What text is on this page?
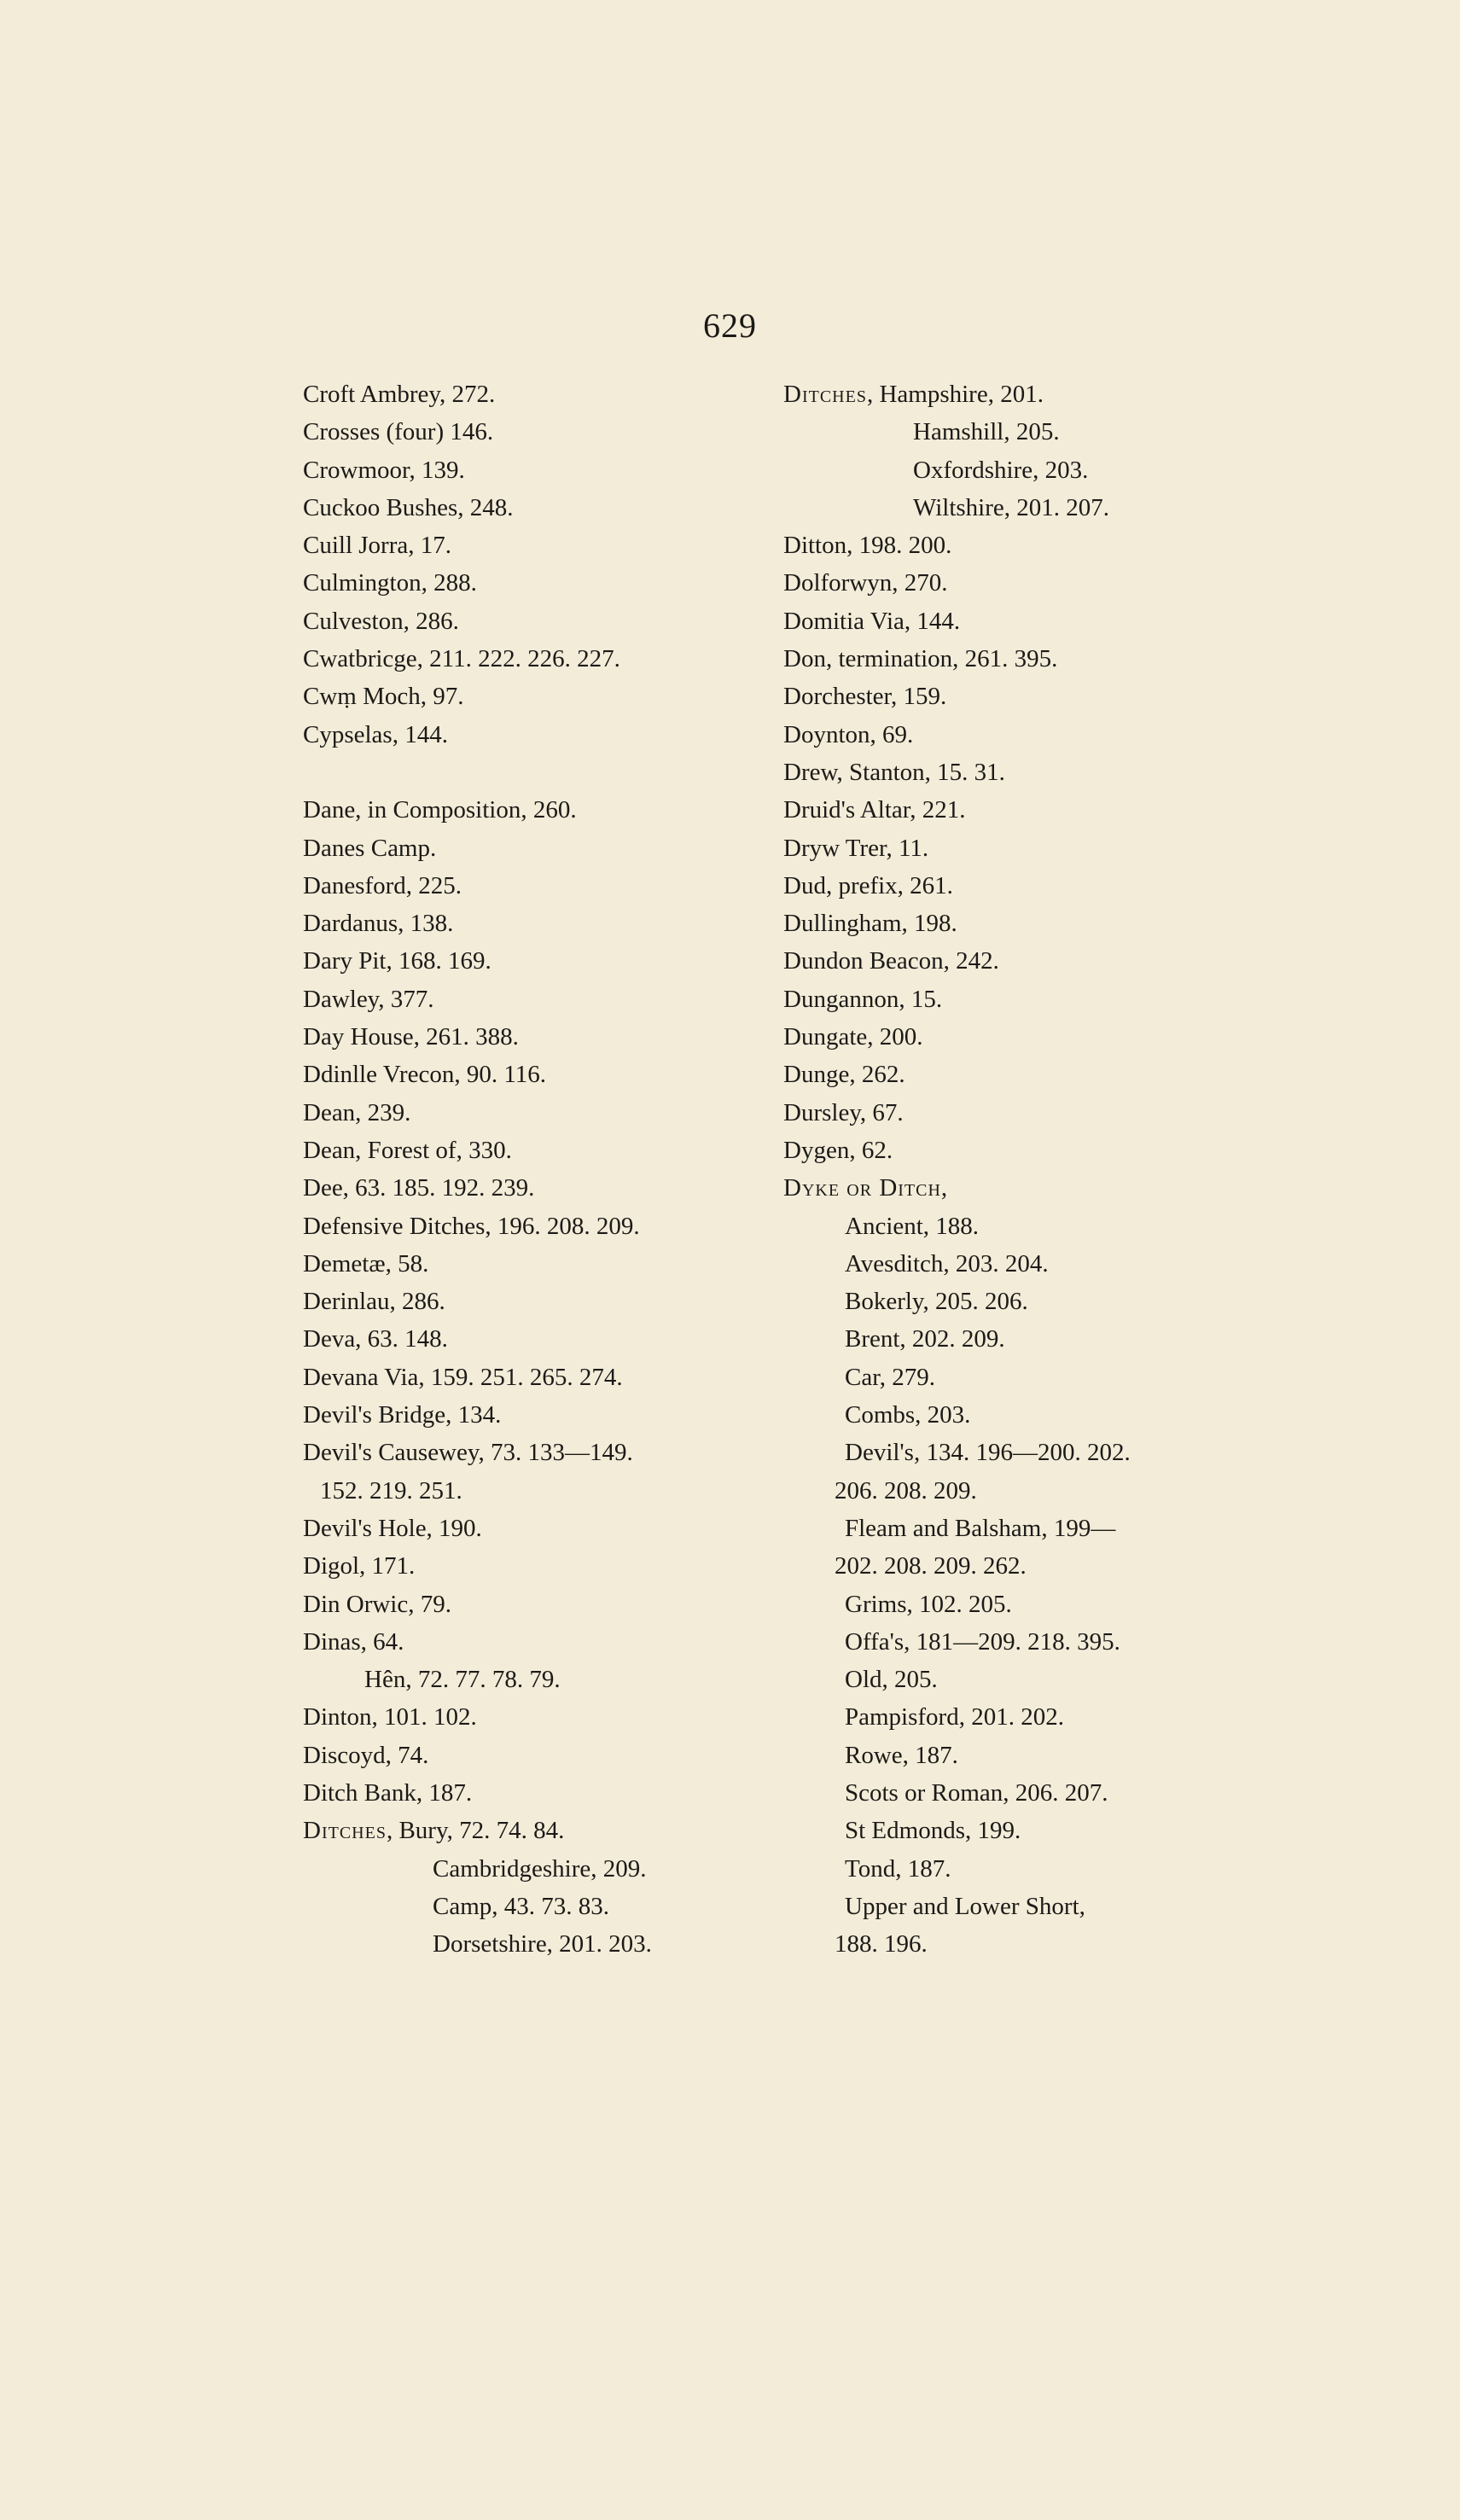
629
Croft Ambrey, 272.
Crosses (four) 146.
Crowmoor, 139.
Cuckoo Bushes, 248.
Cuill Jorra, 17.
Culmington, 288.
Culveston, 286.
Cwatbricge, 211. 222. 226. 227.
Cwṃ Moch, 97.
Cypselas, 144.
Dane, in Composition, 260.
Danes Camp.
Danesford, 225.
Dardanus, 138.
Dary Pit, 168. 169.
Dawley, 377.
Day House, 261. 388.
Ddinlle Vrecon, 90. 116.
Dean, 239.
Dean, Forest of, 330.
Dee, 63. 185. 192. 239.
Defensive Ditches, 196. 208. 209.
Demetæ, 58.
Derinlau, 286.
Deva, 63. 148.
Devana Via, 159. 251. 265. 274.
Devil's Bridge, 134.
Devil's Causewey, 73. 133—149.
152. 219. 251.
Devil's Hole, 190.
Digol, 171.
Din Orwic, 79.
Dinas, 64.
Hên, 72. 77. 78. 79.
Dinton, 101. 102.
Discoyd, 74.
Ditch Bank, 187.
Ditches, Bury, 72. 74. 84.
Cambridgeshire, 209.
Camp, 43. 73. 83.
Dorsetshire, 201. 203.
Ditches, Hampshire, 201.
Hamshill, 205.
Oxfordshire, 203.
Wiltshire, 201. 207.
Ditton, 198. 200.
Dolforwyn, 270.
Domitia Via, 144.
Don, termination, 261. 395.
Dorchester, 159.
Doynton, 69.
Drew, Stanton, 15. 31.
Druid's Altar, 221.
Dryw Trer, 11.
Dud, prefix, 261.
Dullingham, 198.
Dundon Beacon, 242.
Dungannon, 15.
Dungate, 200.
Dunge, 262.
Dursley, 67.
Dygen, 62.
Dyke or Ditch,
Ancient, 188.
Avesditch, 203. 204.
Bokerly, 205. 206.
Brent, 202. 209.
Car, 279.
Combs, 203.
Devil's, 134. 196—200. 202.
206. 208. 209.
Fleam and Balsham, 199—
202. 208. 209. 262.
Grims, 102. 205.
Offa's, 181—209. 218. 395.
Old, 205.
Pampisford, 201. 202.
Rowe, 187.
Scots or Roman, 206. 207.
St Edmonds, 199.
Tond, 187.
Upper and Lower Short,
188. 196.
